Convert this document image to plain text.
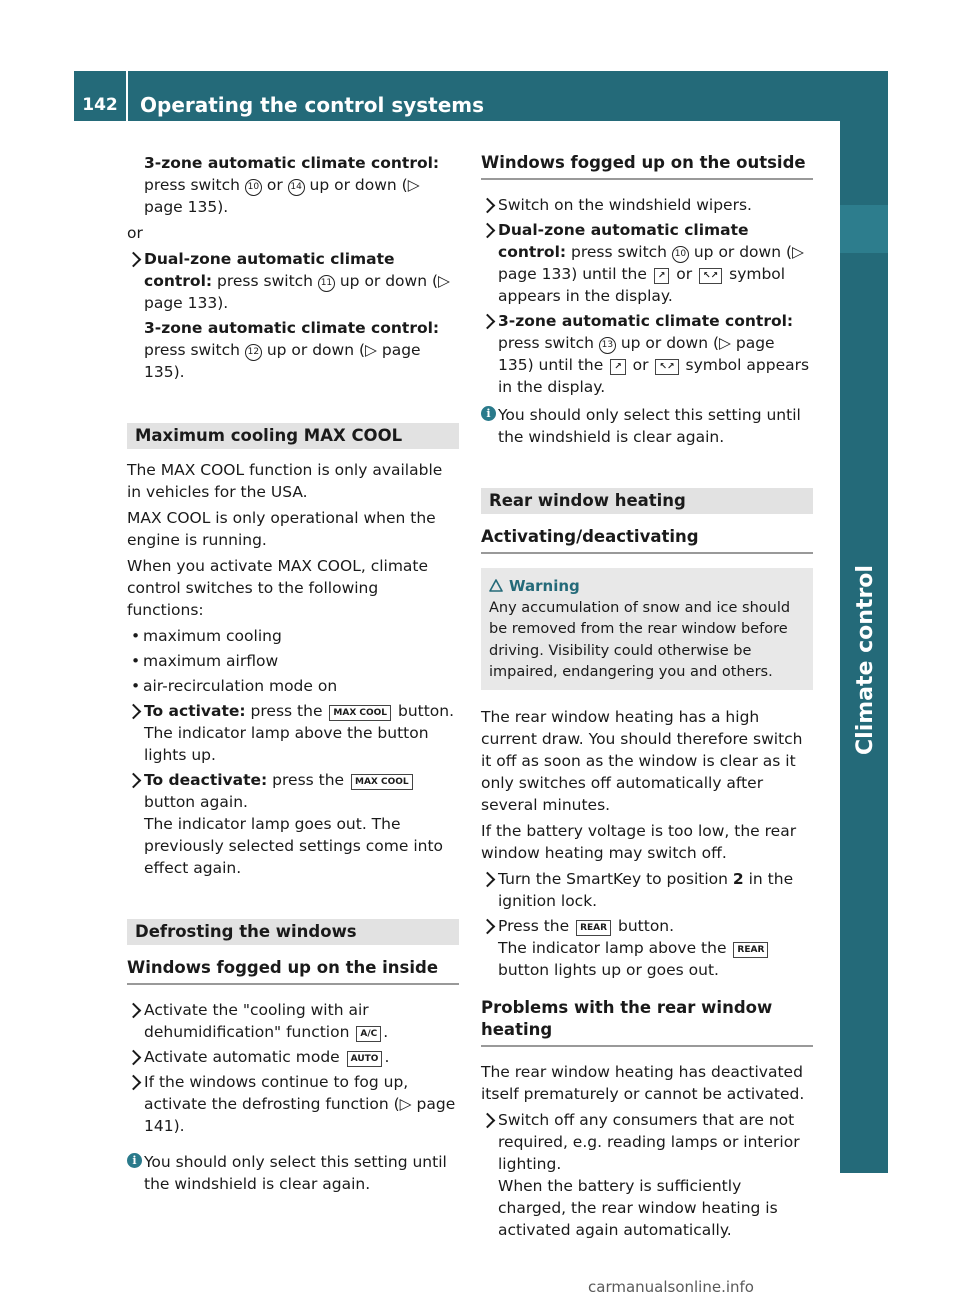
142	Operating the control systems
Climate control

3-zone automatic climate control: press switch 10 or 14 up or down (▷ page 135).

or

Dual-zone automatic climate control: press switch 11 up or down (▷ page 133).

3-zone automatic climate control: press switch 12 up or down (▷ page 135).

Maximum cooling MAX COOL

The MAX COOL function is only available in vehicles for the USA.

MAX COOL is only operational when the engine is running.

When you activate MAX COOL, climate control switches to the following functions:

• maximum cooling
• maximum airflow
• air-recirculation mode on
To activate: press the MAX COOL button.
The indicator lamp above the button lights up.
To deactivate: press the MAX COOL button again.
The indicator lamp goes out. The previously selected settings come into effect again.
Defrosting the windows
Windows fogged up on the inside
Activate the "cooling with air dehumidification" function A/C .
Activate automatic mode AUTO .
If the windows continue to fog up, activate the defrosting function (▷ page 141).
i You should only select this setting until the windshield is clear again.
Windows fogged up on the outside
Switch on the windshield wipers.
Dual-zone automatic climate control: press switch 10 up or down (▷ page 133) until the ↗ or ↖↗ symbol appears in the display.
3-zone automatic climate control: press switch 13 up or down (▷ page 135) until the ↗ or ↖↗ symbol appears in the display.
i You should only select this setting until the windshield is clear again.
Rear window heating
Activating/deactivating
Warning
Any accumulation of snow and ice should be removed from the rear window before driving. Visibility could otherwise be impaired, endangering you and others.

The rear window heating has a high current draw. You should therefore switch it off as soon as the window is clear as it only switches off automatically after several minutes.

If the battery voltage is too low, the rear window heating may switch off.

Turn the SmartKey to position 2 in the ignition lock.
Press the REAR button.
The indicator lamp above the REAR button lights up or goes out.
Problems with the rear window heating

The rear window heating has deactivated itself prematurely or cannot be activated.

Switch off any consumers that are not required, e.g. reading lamps or interior lighting.
When the battery is sufficiently charged, the rear window heating is activated again automatically.
carmanualsonline.info
